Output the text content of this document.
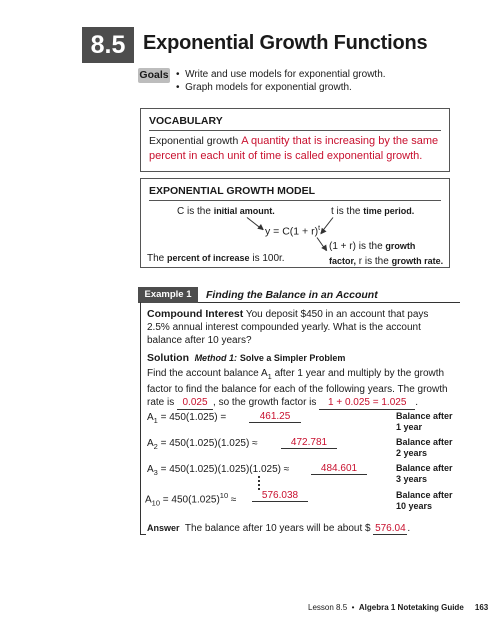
8.5 Exponential Growth Functions
Goals •  Write and use models for exponential growth.
•  Graph models for exponential growth.
VOCABULARY
Exponential growth A quantity that is increasing by the same
percent in each unit of time is called exponential growth.
EXPONENTIAL GROWTH MODEL
C is the initial amount.	t is the time period.
$y = C(1 + r)^t$
The percent of increase is 100r.
(1 + r) is the growth
factor, r is the growth rate.
Example 1	Finding the Balance in an Account
Compound Interest You deposit $450 in an account that pays
2.5% annual interest compounded yearly. What is the account
balance after 10 years?
Solution Method 1: Solve a Simpler Problem
Find the account balance $A_1$ after 1 year and multiply by the growth
factor to find the balance for each of the following years. The growth
rate is 0.025 , so the growth factor is 1 + 0.025 = 1.025 .
$A_1 = 450(1.025)$ =	461.25	Balance after
1 year
$A_2 = 450(1.025)(1.025)$ ≈	472.781	Balance after
2 years
$A_3 = 450(1.025)(1.025)(1.025)$ ≈	484.601	Balance after
3 years
$A_{10} = 450(1.025)^{10}$ ≈	576.038	Balance after
10 years
Answer The balance after 10 years will be about $ 576.04 .
Lesson 8.5 • Algebra 1 Notetaking Guide 163
